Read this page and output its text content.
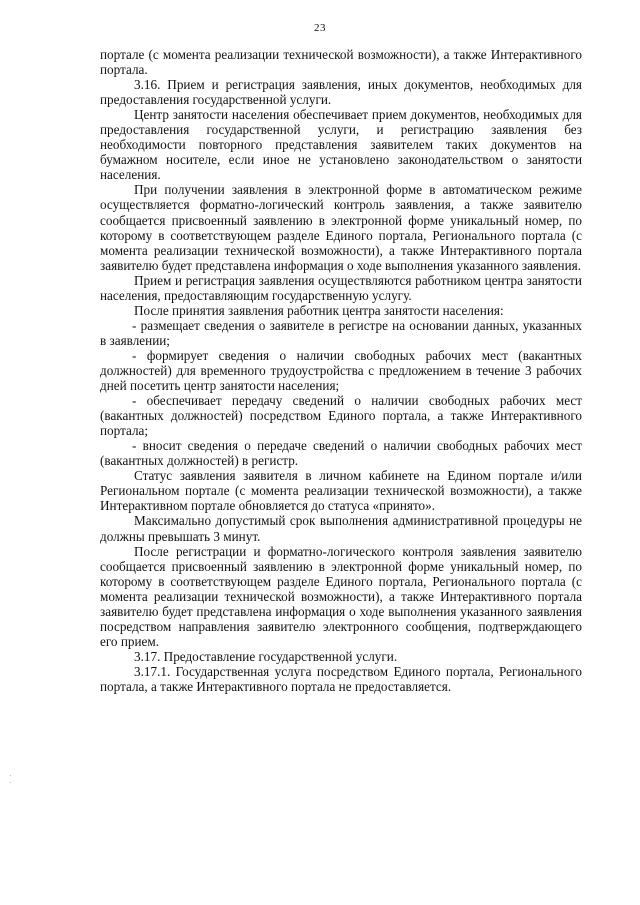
23

порталe (с момента реализации технической возможности), а также Интерактивного портала.

3.16. Прием и регистрация заявления, иных документов, необходимых для предоставления государственной услуги.

Центр занятости населения обеспечивает прием документов, необходимых для предоставления государственной услуги, и регистрацию заявления без необходимости повторного представления заявителем таких документов на бумажном носителе, если иное не установлено законодательством о занятости населения.

При получении заявления в электронной форме в автоматическом режиме осуществляется форматно-логический контроль заявления, а также заявителю сообщается присвоенный заявлению в электронной форме уникальный номер, по которому в соответствующем разделе Единого портала, Регионального портала (с момента реализации технической возможности), а также Интерактивного портала заявителю будет представлена информация о ходе выполнения указанного заявления.

Прием и регистрация заявления осуществляются работником центра занятости населения, предоставляющим государственную услугу.

После принятия заявления работник центра занятости населения:

- размещает сведения о заявителе в регистре на основании данных, указанных в заявлении;

- формирует сведения о наличии свободных рабочих мест (вакантных должностей) для временного трудоустройства с предложением в течение 3 рабочих дней посетить центр занятости населения;

- обеспечивает передачу сведений о наличии свободных рабочих мест (вакантных должностей) посредством Единого портала, а также Интерактивного портала;

- вносит сведения о передаче сведений о наличии свободных рабочих мест (вакантных должностей) в регистр.

Статус заявления заявителя в личном кабинете на Едином портале и/или Региональном портале (с момента реализации технической возможности), а также Интерактивном портале обновляется до статуса «принято».

Максимально допустимый срок выполнения административной процедуры не должны превышать 3 минут.

После регистрации и форматно-логического контроля заявления заявителю сообщается присвоенный заявлению в электронной форме уникальный номер, по которому в соответствующем разделе Единого портала, Регионального портала (с момента реализации технической возможности), а также Интерактивного портала заявителю будет представлена информация о ходе выполнения указанного заявления посредством направления заявителю электронного сообщения, подтверждающего его прием.

3.17. Предоставление государственной услуги.

3.17.1. Государственная услуга посредством Единого портала, Регионального портала, а также Интерактивного портала не предоставляется.
